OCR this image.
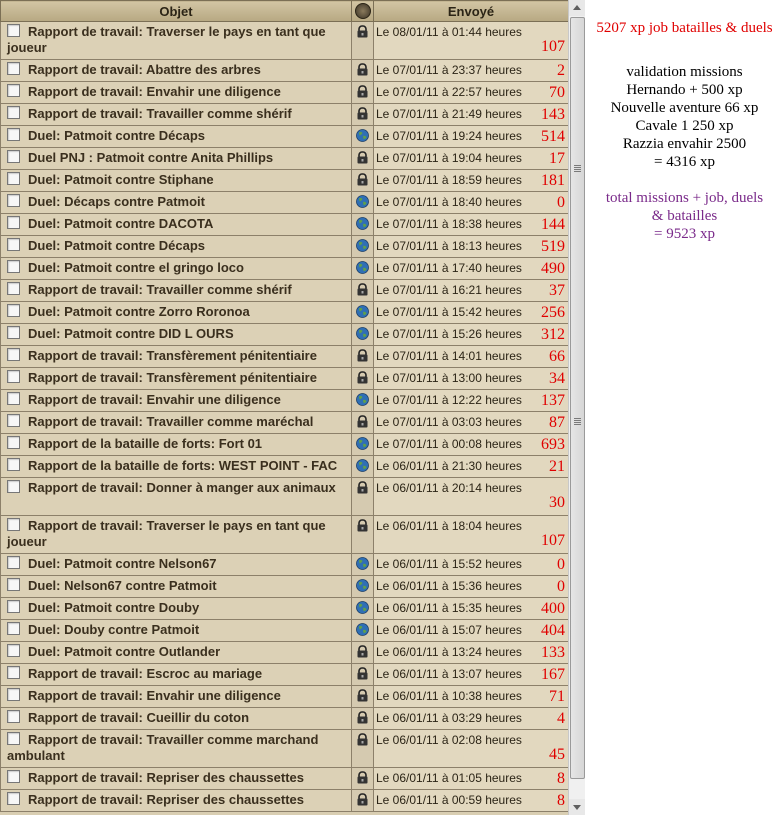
Objet		Envoyé
Rapport de travail: Traverser le pays en tant que joueur		Le 08/01/11 à 01:44 heures
107

Rapport de travail: Abattre des arbres		Le 07/01/11 à 23:37 heures 2

Rapport de travail: Envahir une diligence		Le 07/01/11 à 22:57 heures 70

Rapport de travail: Travailler comme shérif		Le 07/01/11 à 21:49 heures 143

Duel: Patmoit contre Décaps		Le 07/01/11 à 19:24 heures 514

Duel PNJ : Patmoit contre Anita Phillips		Le 07/01/11 à 19:04 heures 17

Duel: Patmoit contre Stiphane		Le 07/01/11 à 18:59 heures 181

Duel: Décaps contre Patmoit		Le 07/01/11 à 18:40 heures 0

Duel: Patmoit contre DACOTA		Le 07/01/11 à 18:38 heures 144

Duel: Patmoit contre Décaps		Le 07/01/11 à 18:13 heures 519

Duel: Patmoit contre el gringo loco		Le 07/01/11 à 17:40 heures 490

Rapport de travail: Travailler comme shérif		Le 07/01/11 à 16:21 heures 37

Duel: Patmoit contre Zorro Roronoa		Le 07/01/11 à 15:42 heures 256

Duel: Patmoit contre DID L OURS		Le 07/01/11 à 15:26 heures 312

Rapport de travail: Transfèrement pénitentiaire		Le 07/01/11 à 14:01 heures 66

Rapport de travail: Transfèrement pénitentiaire		Le 07/01/11 à 13:00 heures 34

Rapport de travail: Envahir une diligence		Le 07/01/11 à 12:22 heures 137

Rapport de travail: Travailler comme maréchal		Le 07/01/11 à 03:03 heures 87

Rapport de la bataille de forts: Fort 01		Le 07/01/11 à 00:08 heures 693

Rapport de la bataille de forts: WEST POINT - FAC		Le 06/01/11 à 21:30 heures 21

Rapport de travail: Donner à manger aux animaux		Le 06/01/11 à 20:14 heures
30

Rapport de travail: Traverser le pays en tant que joueur		Le 06/01/11 à 18:04 heures
107

Duel: Patmoit contre Nelson67		Le 06/01/11 à 15:52 heures 0

Duel: Nelson67 contre Patmoit		Le 06/01/11 à 15:36 heures 0

Duel: Patmoit contre Douby		Le 06/01/11 à 15:35 heures 400

Duel: Douby contre Patmoit		Le 06/01/11 à 15:07 heures 404

Duel: Patmoit contre Outlander		Le 06/01/11 à 13:24 heures 133

Rapport de travail: Escroc au mariage		Le 06/01/11 à 13:07 heures 167

Rapport de travail: Envahir une diligence		Le 06/01/11 à 10:38 heures 71

Rapport de travail: Cueillir du coton		Le 06/01/11 à 03:29 heures 4

Rapport de travail: Travailler comme marchand ambulant		Le 06/01/11 à 02:08 heures
45

Rapport de travail: Repriser des chaussettes		Le 06/01/11 à 01:05 heures 8

Rapport de travail: Repriser des chaussettes		Le 06/01/11 à 00:59 heures 8
5207 xp job batailles & duels
validation missions
Hernando + 500 xp
Nouvelle aventure 66 xp
Cavale 1 250 xp
Razzia envahir 2500
= 4316 xp
total missions + job, duels & batailles
= 9523 xp
